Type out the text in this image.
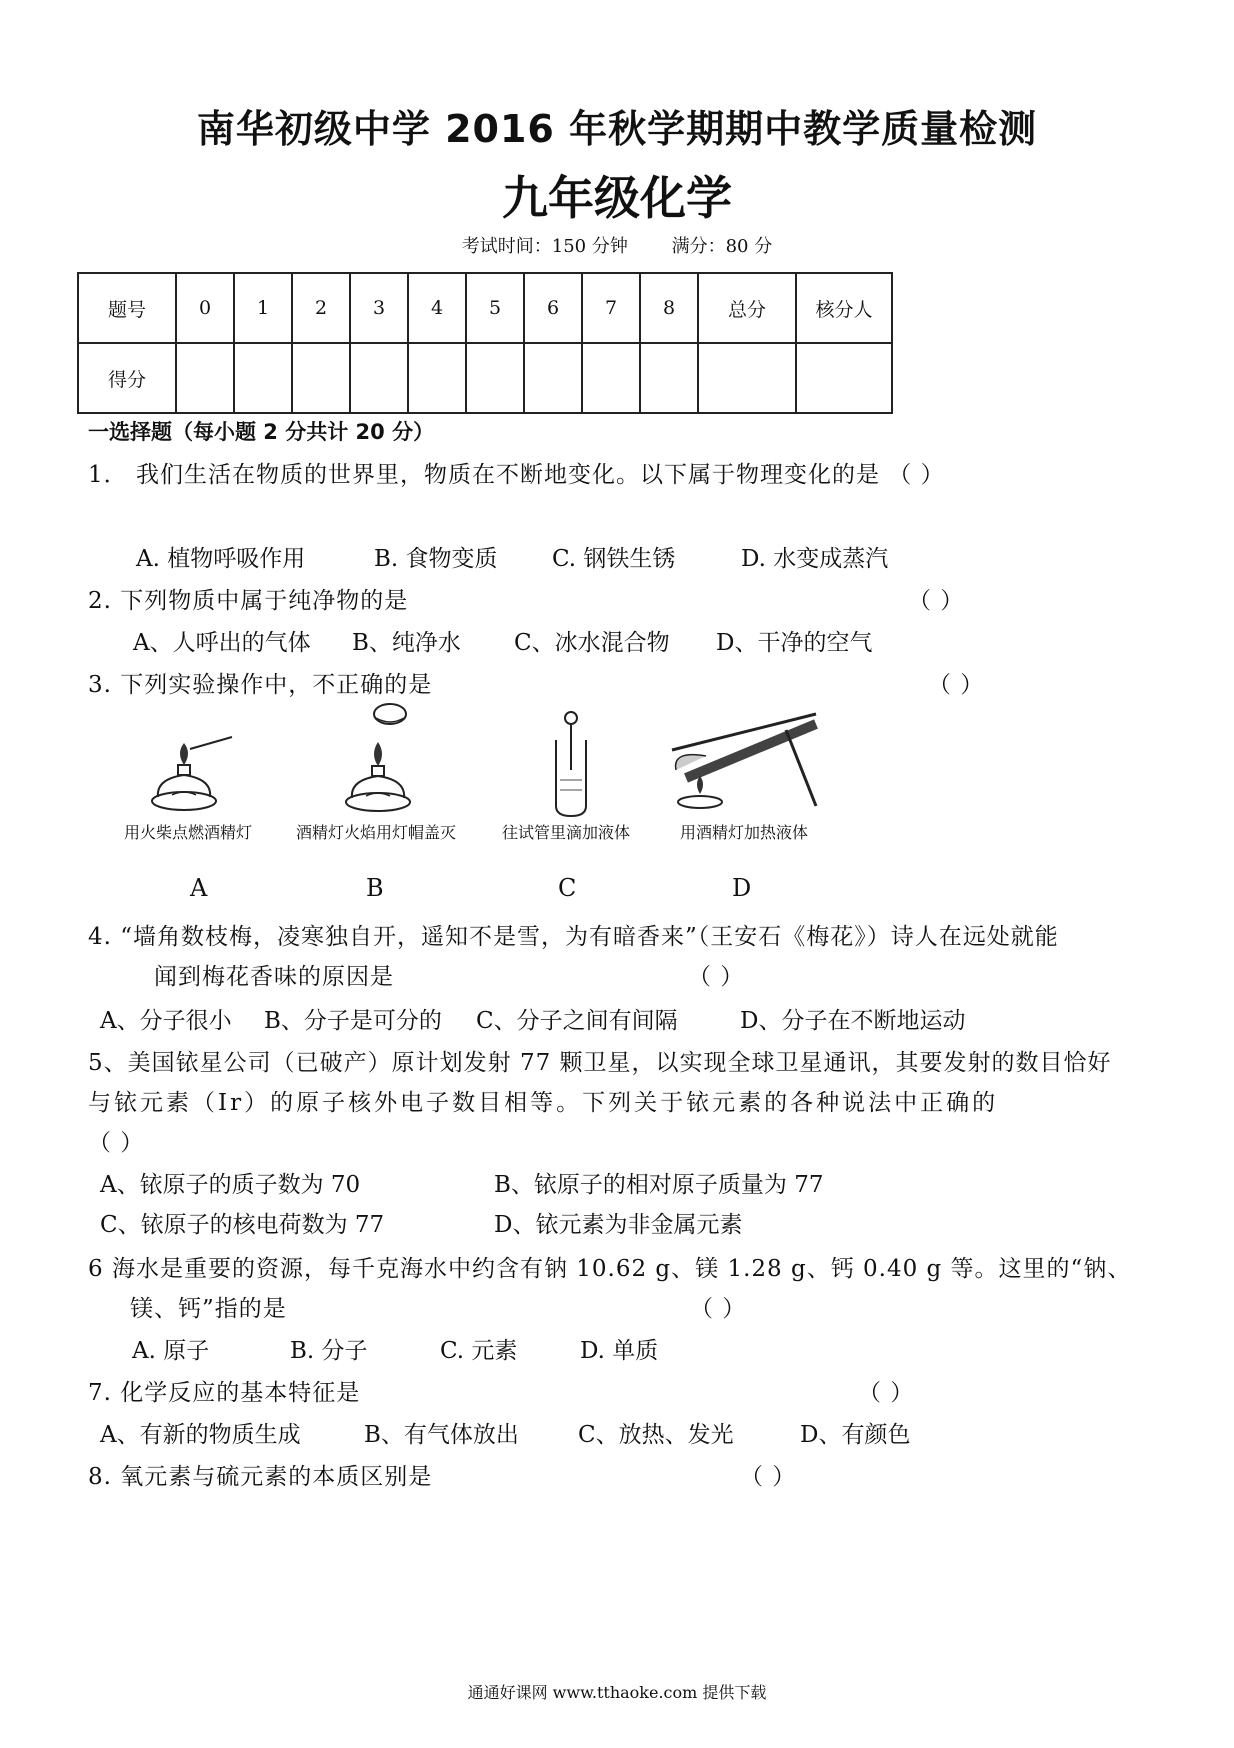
南华初级中学 2016 年秋学期期中教学质量检测
九年级化学
考试时间：150 分钟 满分：80 分
题号	0	1	2	3	4	5	6	7	8	总分	核分人
得分											
一选择题（每小题 2 分共计 20 分）
1． 我们生活在物质的世界里，物质在不断地变化。以下属于物理变化的是 （ ）
A. 植物呼吸作用	B. 食物变质 C. 钢铁生锈	D. 水变成蒸汽
2. 下列物质中属于纯净物的是	（ ）
A、人呼出的气体 B、纯净水 C、冰水混合物 D、干净的空气
3. 下列实验操作中，不正确的是	（ ）
用火柴点燃酒精灯	酒精灯火焰用灯帽盖灭	往试管里滴加液体	用酒精灯加热液体
A	B	C	D
4. “墙角数枝梅，凌寒独自开，遥知不是雪，为有暗香来”（王安石《梅花》）诗人在远处就能
闻到梅花香味的原因是	（ ）
A、分子很小 B、分子是可分的 C、分子之间有间隔	D、分子在不断地运动
5、美国铱星公司（已破产）原计划发射 77 颗卫星，以实现全球卫星通讯，其要发射的数目恰好
与铱元素（Ir）的原子核外电子数目相等。下列关于铱元素的各种说法中正确的
（ ）
A、铱原子的质子数为 70	B、铱原子的相对原子质量为 77
C、铱原子的核电荷数为 77	D、铱元素为非金属元素
6 海水是重要的资源，每千克海水中约含有钠 10.62 g、镁 1.28 g、钙 0.40 g 等。这里的“钠、
镁、钙”指的是	（ ）
A. 原子	B. 分子	C. 元素	D. 单质
7. 化学反应的基本特征是	（ ）
A、有新的物质生成	B、有气体放出	C、放热、发光	D、有颜色
8. 氧元素与硫元素的本质区别是	（ ）
通通好课网 www.tthaoke.com 提供下载
